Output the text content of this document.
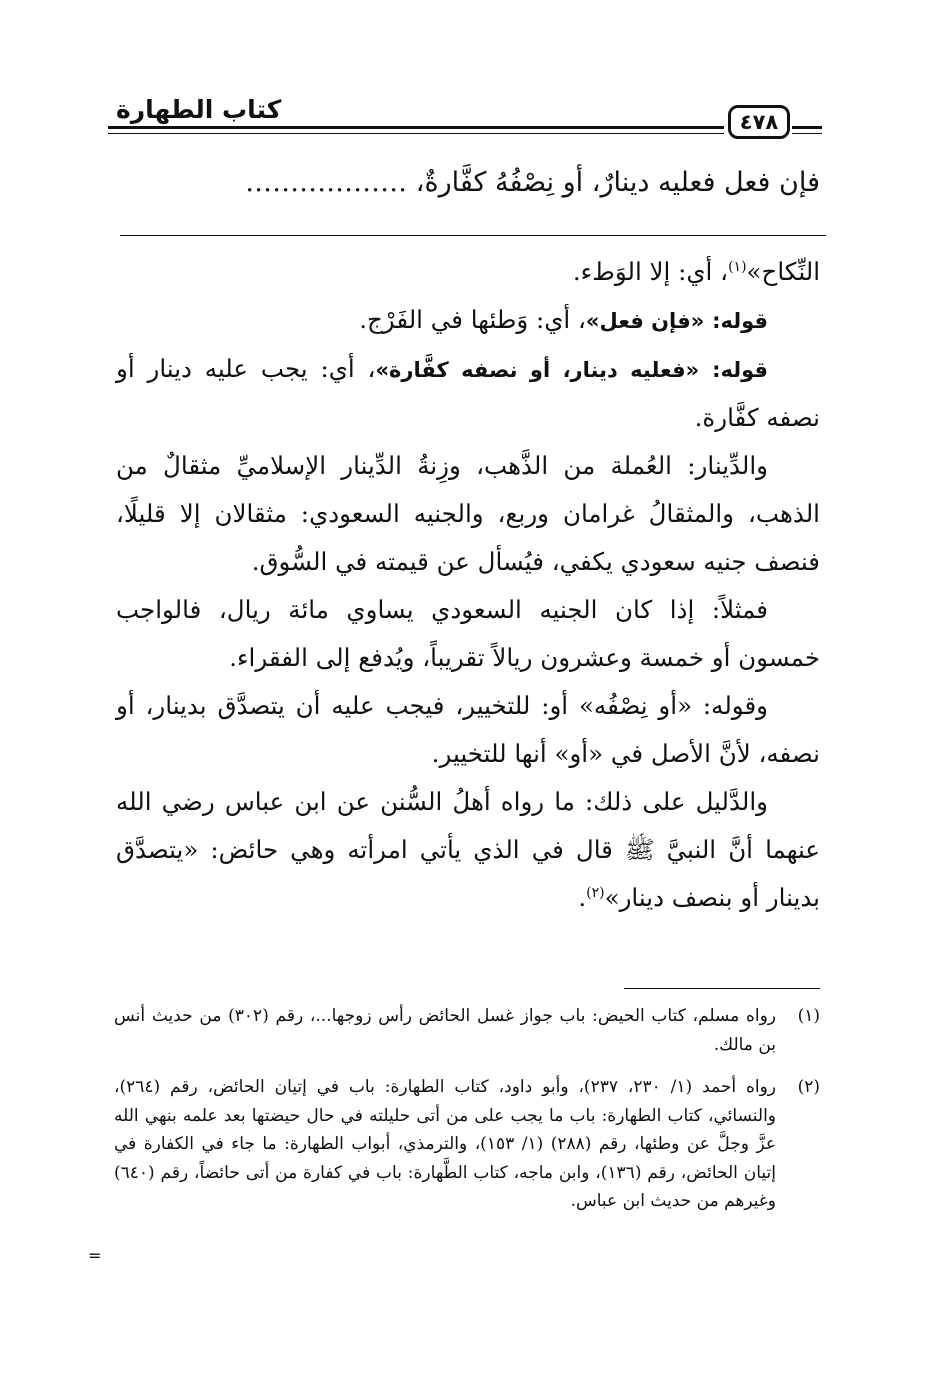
كتاب الطهارة	٤٧٨
فإن فعل فعليه دينارٌ، أو نِصْفُهُ كفَّارةٌ، ………………

النِّكاح»$^{(١)}$، أي: إلا الوَطء.

قوله: «فإن فعل»، أي: وَطئها في الفَرْج.

قوله: «فعليه دينار، أو نصفه كفَّارة»، أي: يجب عليه دينار أو نصفه كفَّارة.

والدِّينار: العُملة من الذَّهب، وزِنةُ الدِّينار الإسلاميِّ مثقالٌ من الذهب، والمثقالُ غرامان وربع، والجنيه السعودي: مثقالان إلا قليلًا، فنصف جنيه سعودي يكفي، فيُسأل عن قيمته في السُّوق.

فمثلاً: إذا كان الجنيه السعودي يساوي مائة ريال، فالواجب خمسون أو خمسة وعشرون ريالاً تقريباً، ويُدفع إلى الفقراء.

وقوله: «أو نِصْفُه» أو: للتخيير، فيجب عليه أن يتصدَّق بدينار، أو نصفه، لأنَّ الأصل في «أو» أنها للتخيير.

والدَّليل على ذلك: ما رواه أهلُ السُّنن عن ابن عباس رضي الله عنهما أنَّ النبيَّ ﷺ قال في الذي يأتي امرأته وهي حائض: «يتصدَّق بدينار أو بنصف دينار»$^{(٢)}$.

(١)
رواه مسلم، كتاب الحيض: باب جواز غسل الحائض رأس زوجها...، رقم (٣٠٢) من حديث أنس بن مالك.
(٢)
رواه أحمد (١/ ٢٣٠، ٢٣٧)، وأبو داود، كتاب الطهارة: باب في إتيان الحائض، رقم (٢٦٤)، والنسائي، كتاب الطهارة: باب ما يجب على من أتى حليلته في حال حيضتها بعد علمه بنهي الله عزَّ وجلَّ عن وطئها، رقم (٢٨٨) (١/ ١٥٣)، والترمذي، أبواب الطهارة: ما جاء في الكفارة في إتيان الحائض، رقم (١٣٦)، وابن ماجه، كتاب الطَّهارة: باب في كفارة من أتى حائضاً، رقم (٦٤٠) وغيرهم من حديث ابن عباس.
=
